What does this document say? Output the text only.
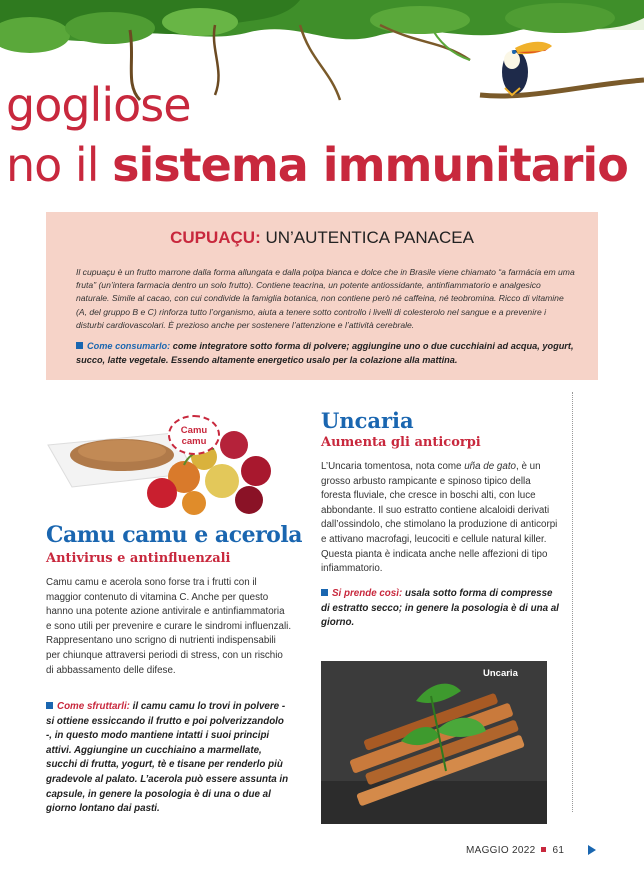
gogliose
no il sistema immunitario
CUPUAÇU: UN’AUTENTICA PANACEA
Il cupuaçu è un frutto marrone dalla forma allungata e dalla polpa bianca e dolce che in Brasile viene chiamato “a farmácia em uma fruta” (un’intera farmacia dentro un solo frutto). Contiene teacrina, un potente antiossidante, antinfiammatorio e analgesico naturale. Simile al cacao, con cui condivide la famiglia botanica, non contiene però né caffeina, né teobromina. Ricco di vitamine (A, del gruppo B e C) rinforza tutto l’organismo, aiuta a tenere sotto controllo i livelli di colesterolo nel sangue e a prevenire i disturbi cardiovascolari. È prezioso anche per sostenere l’attenzione e l’attività cerebrale.
Come consumarlo: come integratore sotto forma di polvere; aggiungine uno o due cucchiaini ad acqua, yogurt, succo, latte vegetale. Essendo altamente energetico usalo per la colazione alla mattina.
Camu camu
Camu camu e acerola
Antivirus e antinfluenzali
Camu camu e acerola sono forse tra i frutti con il maggior contenuto di vitamina C. Anche per questo hanno una potente azione antivirale e antinfiammatoria e sono utili per prevenire e curare le sindromi influenzali. Rappresentano uno scrigno di nutrienti indispensabili per chiunque attraversi periodi di stress, con un rischio di abbassamento delle difese.
Come sfruttarli: il camu camu lo trovi in polvere - si ottiene essiccando il frutto e poi polverizzandolo -, in questo modo mantiene intatti i suoi principi attivi. Aggiungine un cucchiaino a marmellate, succhi di frutta, yogurt, tè e tisane per renderlo più gradevole al palato. L’acerola può essere assunta in capsule, in genere la posologia è di una o due al giorno lontano dai pasti.
Uncaria
Aumenta gli anticorpi
L’Uncaria tomentosa, nota come uña de gato, è un grosso arbusto rampicante e spinoso tipico della foresta fluviale, che cresce in boschi alti, con luce abbondante. Il suo estratto contiene alcaloidi derivati dall’ossindolo, che stimolano la produzione di anticorpi e attivano macrofagi, leucociti e cellule natural killer. Questa pianta è indicata anche nelle affezioni di tipo infiammatorio.
Si prende così: usala sotto forma di compresse di estratto secco; in genere la posologia è di una al giorno.
Uncaria
MAGGIO 2022 61
